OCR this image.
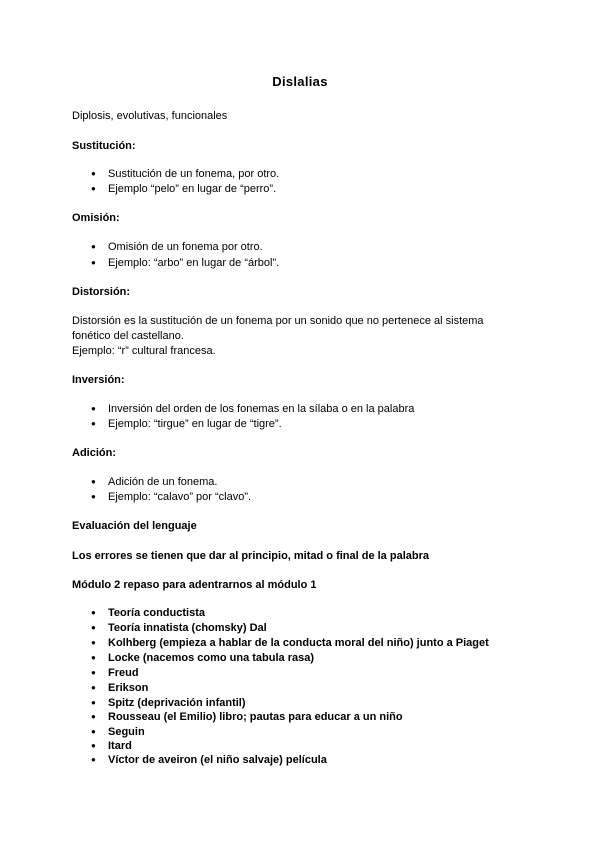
Dislalias
Diplosis, evolutivas, funcionales
Sustitución:
● Sustitución de un fonema, por otro.
● Ejemplo “pelo” en lugar de “perro”.
Omisión:
● Omisión de un fonema por otro.
● Ejemplo: “arbo” en lugar de “árbol”.
Distorsión:
Distorsión es la sustitución de un fonema por un sonido que no pertenece al sistema
fonético del castellano.
Ejemplo: “r” cultural francesa.
Inversión:
● Inversión del orden de los fonemas en la sílaba o en la palabra
● Ejemplo: “tirgue” en lugar de “tigre”.
Adición:
● Adición de un fonema.
● Ejemplo: “calavo” por “clavo”.
Evaluación del lenguaje
Los errores se tienen que dar al principio, mitad o final de la palabra
Módulo 2 repaso para adentrarnos al módulo 1
● Teoría conductista
● Teoría innatista (chomsky) Dal
● Kolhberg (empieza a hablar de la conducta moral del niño) junto a Piaget
● Locke (nacemos como una tabula rasa)
● Freud
● Erikson
● Spitz (deprivación infantil)
● Rousseau (el Emilio) libro; pautas para educar a un niño
● Seguin
● Itard
● Víctor de aveiron (el niño salvaje) película
